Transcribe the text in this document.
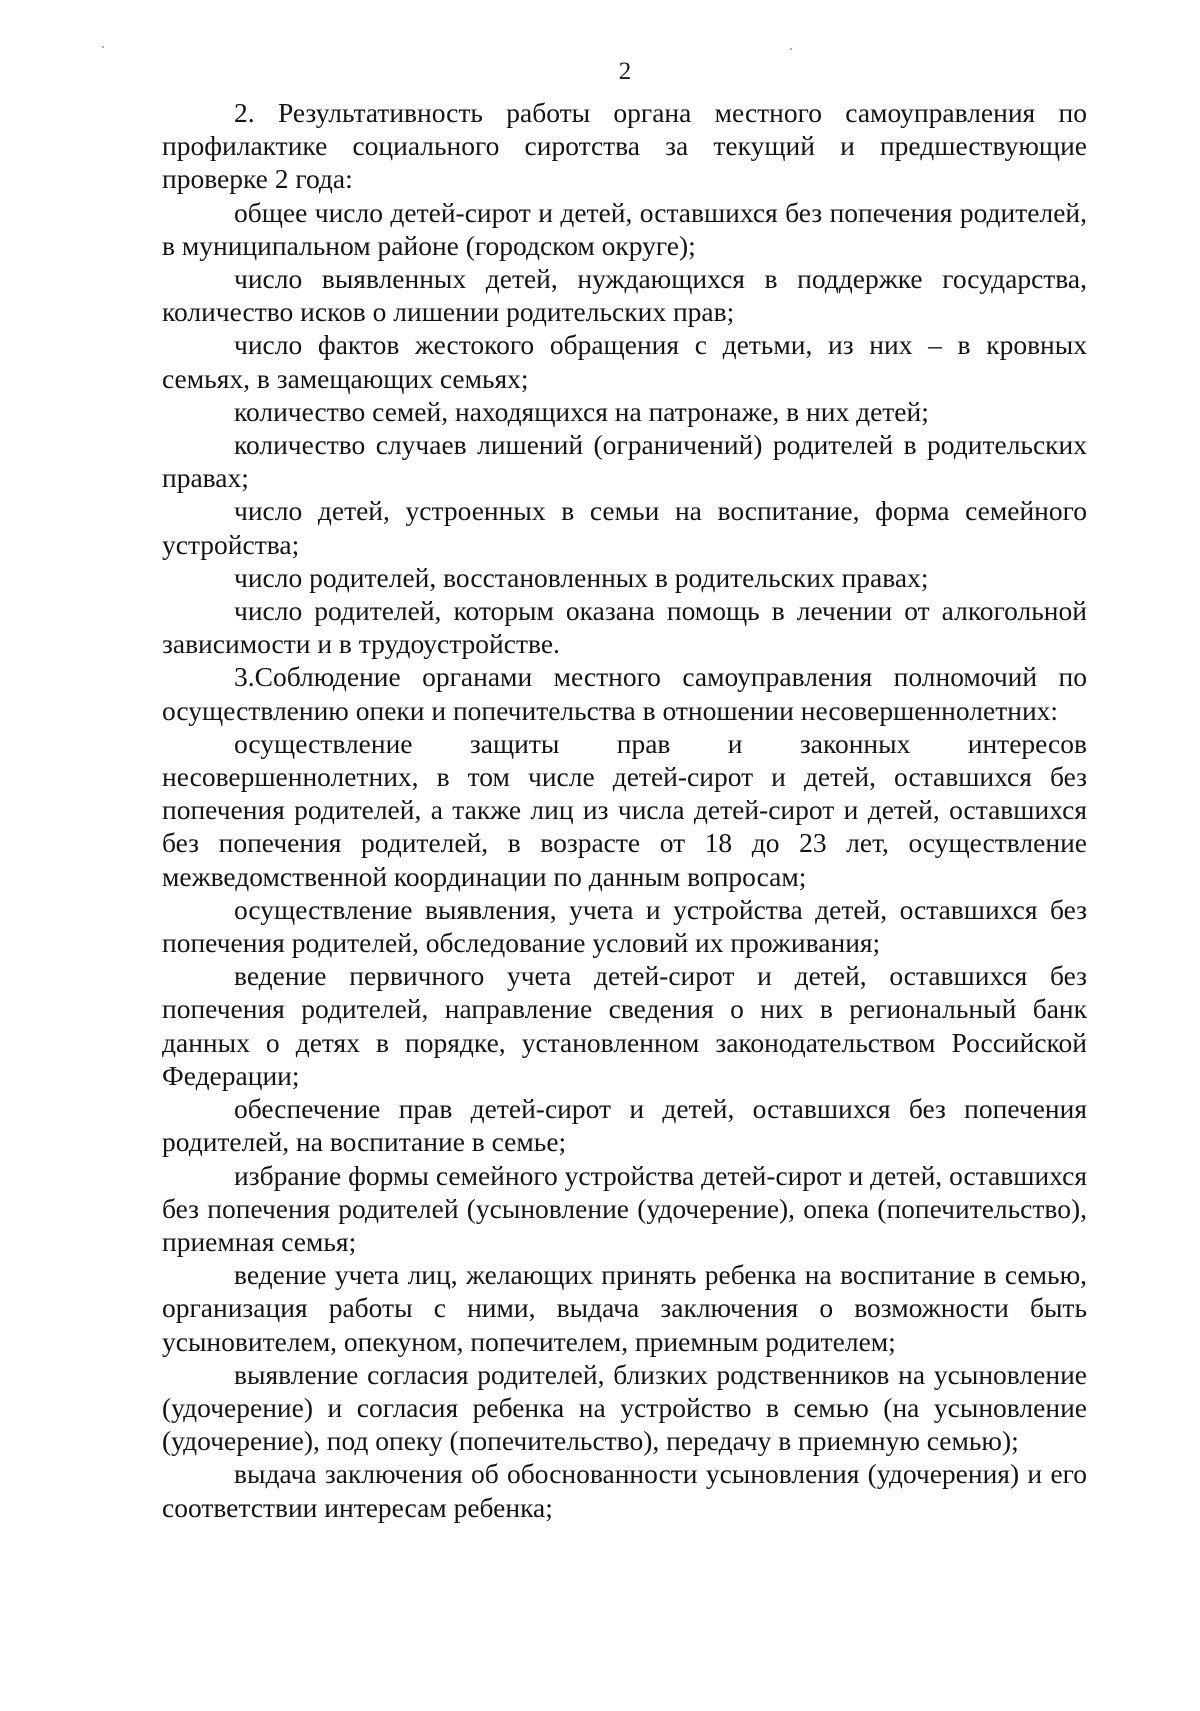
2

2. Результативность работы органа местного самоуправления по профилактике социального сиротства за текущий и предшествующие проверке 2 года:

общее число детей-сирот и детей, оставшихся без попечения родителей, в муниципальном районе (городском округе);

число выявленных детей, нуждающихся в поддержке государства, количество исков о лишении родительских прав;

число фактов жестокого обращения с детьми, из них – в кровных семьях, в замещающих семьях;

количество семей, находящихся на патронаже, в них детей;

количество случаев лишений (ограничений) родителей в родительских правах;

число детей, устроенных в семьи на воспитание, форма семейного устройства;

число родителей, восстановленных в родительских правах;

число родителей, которым оказана помощь в лечении от алкогольной зависимости и в трудоустройстве.

3.Соблюдение органами местного самоуправления полномочий по осуществлению опеки и попечительства в отношении несовершеннолетних:

осуществление защиты прав и законных интересов несовершеннолетних, в том числе детей-сирот и детей, оставшихся без попечения родителей, а также лиц из числа детей-сирот и детей, оставшихся без попечения родителей, в возрасте от 18 до 23 лет, осуществление межведомственной координации по данным вопросам;

осуществление выявления, учета и устройства детей, оставшихся без попечения родителей, обследование условий их проживания;

ведение первичного учета детей-сирот и детей, оставшихся без попечения родителей, направление сведения о них в региональный банк данных о детях в порядке, установленном законодательством Российской Федерации;

обеспечение прав детей-сирот и детей, оставшихся без попечения родителей, на воспитание в семье;

избрание формы семейного устройства детей-сирот и детей, оставшихся без попечения родителей (усыновление (удочерение), опека (попечительство), приемная семья;

ведение учета лиц, желающих принять ребенка на воспитание в семью, организация работы с ними, выдача заключения о возможности быть усыновителем, опекуном, попечителем, приемным родителем;

выявление согласия родителей, близких родственников на усыновление (удочерение) и согласия ребенка на устройство в семью (на усыновление (удочерение), под опеку (попечительство), передачу в приемную семью);

выдача заключения об обоснованности усыновления (удочерения) и его соответствии интересам ребенка;
